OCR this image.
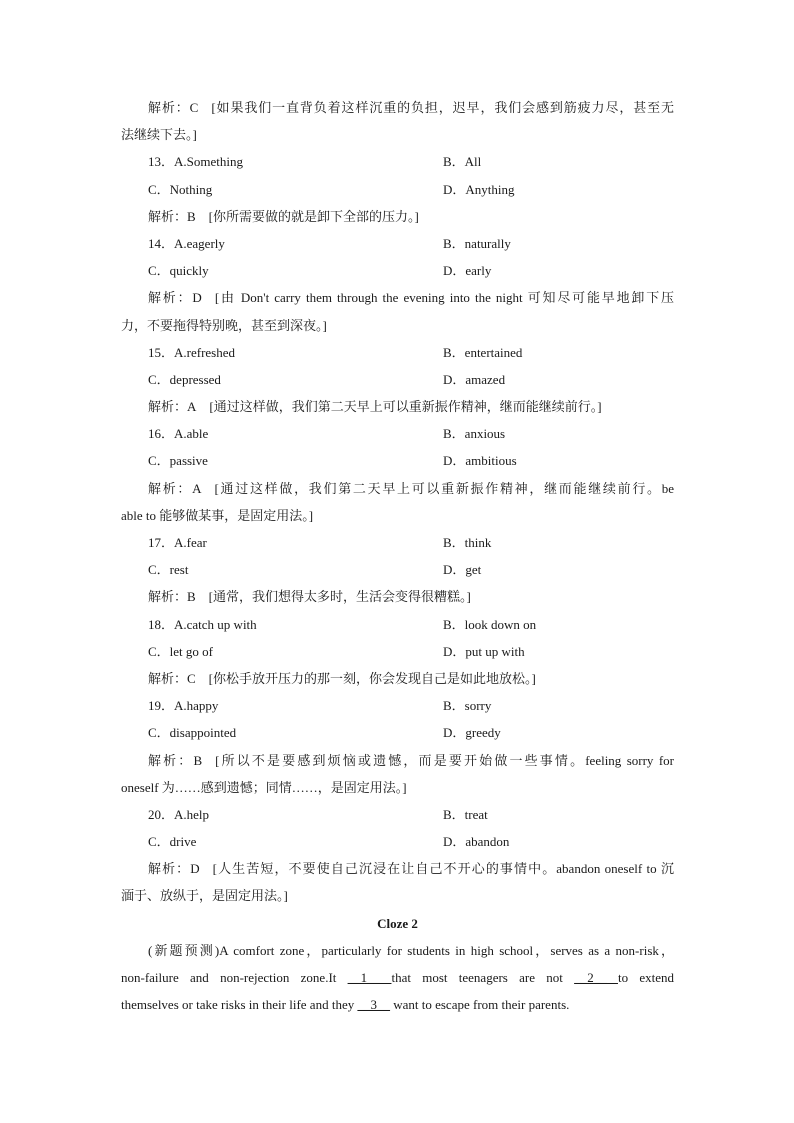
解析：C  [如果我们一直背负着这样沉重的负担，迟早，我们会感到筋疲力尽，甚至无
法继续下去。]
13．A.Something	B．All
C．Nothing	D．Anything
解析：B  [你所需要做的就是卸下全部的压力。]
14．A.eagerly	B．naturally
C．quickly	D．early
解析：D  [由 Don't carry them through the evening into the night 可知尽可能早地卸下压
力，不要拖得特别晚，甚至到深夜。]
15．A.refreshed	B．entertained
C．depressed	D．amazed
解析：A  [通过这样做，我们第二天早上可以重新振作精神，继而能继续前行。]
16．A.able	B．anxious
C．passive	D．ambitious
解析：A  [通过这样做，我们第二天早上可以重新振作精神，继而能继续前行。be
able to 能够做某事，是固定用法。]
17．A.fear	B．think
C．rest	D．get
解析：B  [通常，我们想得太多时，生活会变得很糟糕。]
18．A.catch up with	B．look down on
C．let go of	D．put up with
解析：C  [你松手放开压力的那一刻，你会发现自己是如此地放松。]
19．A.happy	B．sorry
C．disappointed	D．greedy
解析：B  [所以不是要感到烦恼或遗憾，而是要开始做一些事情。feeling sorry for
oneself 为……感到遗憾；同情……，是固定用法。]
20．A.help	B．treat
C．drive	D．abandon
解析：D  [人生苦短，不要使自己沉浸在让自己不开心的事情中。abandon oneself to 沉
湎于、放纵于，是固定用法。]
Cloze 2
(新题预测)A comfort zone，particularly for students in high school，serves as a non-risk，
non-failure and non-rejection zone.It __1__ that most teenagers are not __2__ to extend
themselves or take risks in their life and they __3__ want to escape from their parents.
